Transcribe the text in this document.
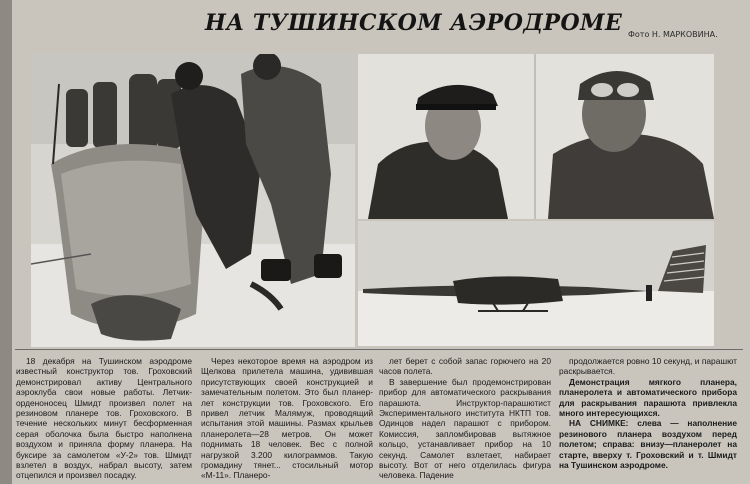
НА ТУШИНСКОМ АЭРОДРОМЕ Фото Н. МАРКОВИНА.

18 декабря на Тушинском аэродроме известный конструктор тов. Гроховский демонстрировал активу Центрального аэроклуба свои новые работы. Летчик-орденоносец Шмидт произвел полет на резиновом планере тов. Гроховского. В течение нескольких минут бесформенная серая оболочка была быстро наполнена воздухом и приняла форму планера. На буксире за самолетом «У-2» тов. Шмидт взлетел в воздух, набрал высоту, затем отцепился и произвел посадку.

Через некоторое время на аэродром из Щелкова прилетела машина, удивившая присутствующих своей конструкцией и замечательным полетом. Это был планер-лет конструкции тов. Гроховского. Его привел летчик Малямуж, проводящий испытания этой машины. Размах крыльев планеролета—28 метров. Он может поднимать 18 человек. Вес с полной нагрузкой 3.200 килограммов. Такую громадину тянет... стосильный мотор «М-11». Планеро-

лет берет с собой запас горючего на 20 часов полета.

В завершение был продемонстрирован прибор для автоматического раскрывания парашюта. Инструктор-парашютист Экспериментального института НКТП тов. Одинцов надел парашют с прибором. Комиссия, запломбировав вытяжное кольцо, устанавливает прибор на 10 секунд. Самолет взлетает, набирает высоту. Вот от него отделилась фигура человека. Падение

продолжается ровно 10 секунд, и парашют раскрывается.

Демонстрация мягкого планера, планеролета и автоматического прибора для раскрывания парашюта привлекла много интересующихся.

НА СНИМКЕ: слева — наполнение резинового планера воздухом перед полетом; справа: внизу—планеролет на старте, вверху т. Гроховский и т. Шмидт на Тушинском аэродроме.
